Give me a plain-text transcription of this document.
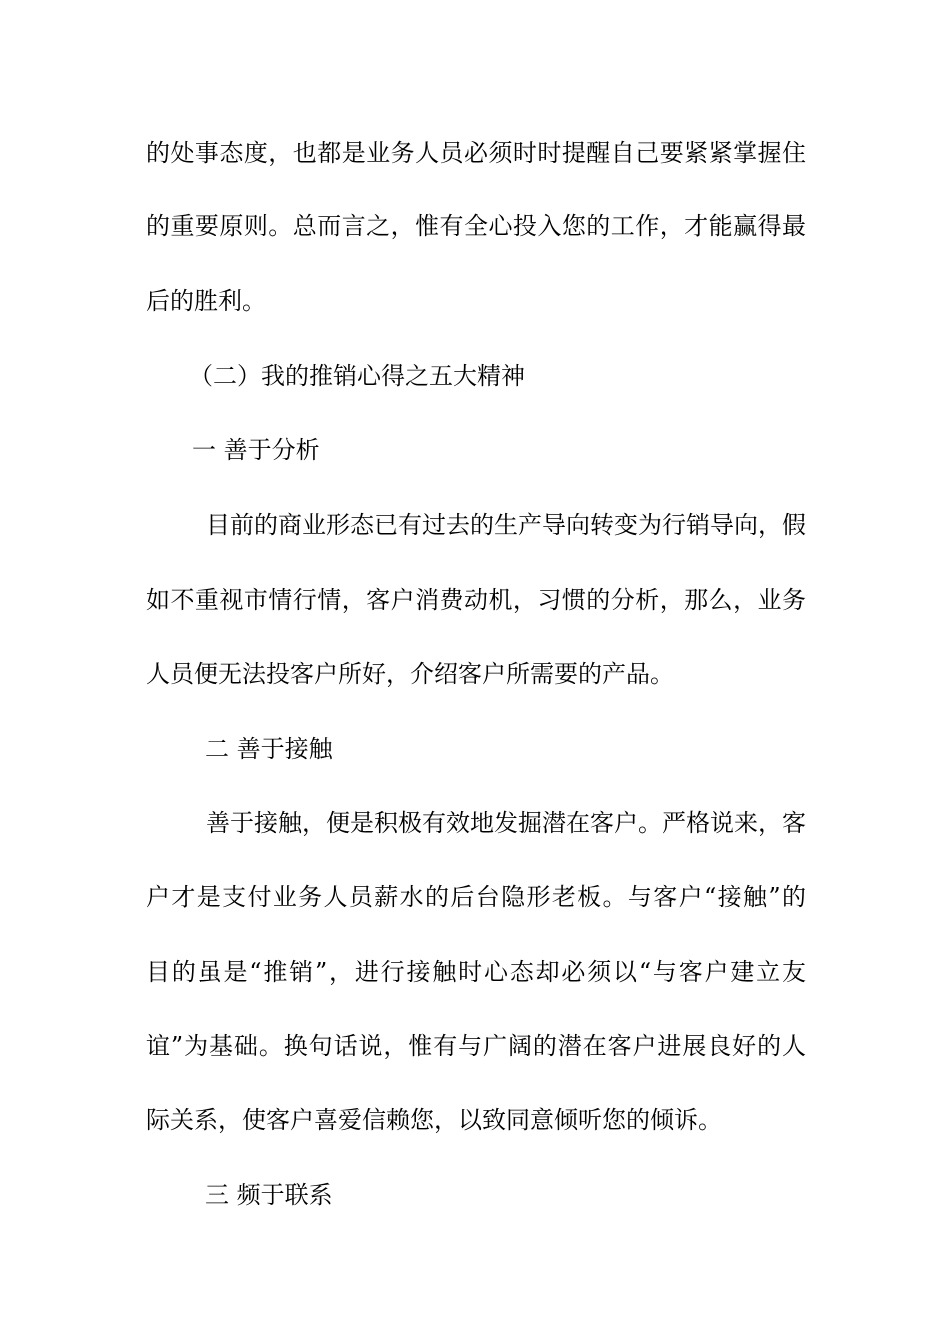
的处事态度，也都是业务人员必须时时提醒自己要紧紧掌握住
的重要原则。总而言之，惟有全心投入您的工作，才能赢得最
后的胜利。
（二）我的推销心得之五大精神
一 善于分析
目前的商业形态已有过去的生产导向转变为行销导向，假
如不重视市情行情，客户消费动机，习惯的分析，那么，业务
人员便无法投客户所好，介绍客户所需要的产品。
二 善于接触
善于接触，便是积极有效地发掘潜在客户。严格说来，客
户才是支付业务人员薪水的后台隐形老板。与客户“接触”的
目的虽是“推销”，进行接触时心态却必须以“与客户建立友
谊”为基础。换句话说，惟有与广阔的潜在客户进展良好的人
际关系，使客户喜爱信赖您，以致同意倾听您的倾诉。
三 频于联系
